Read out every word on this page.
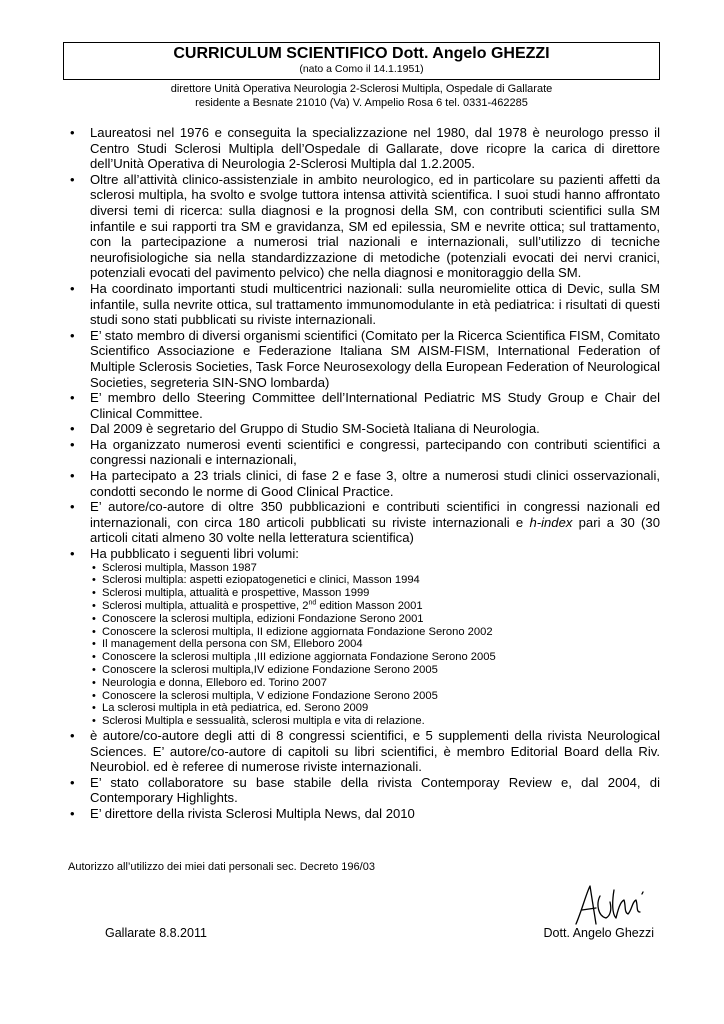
CURRICULUM SCIENTIFICO Dott. Angelo GHEZZI
(nato a Como il 14.1.1951)
direttore Unità Operativa Neurologia 2-Sclerosi Multipla, Ospedale di Gallarate
residente a Besnate 21010 (Va) V. Ampelio Rosa 6 tel. 0331-462285
• Laureatosi nel 1976 e conseguita la specializzazione nel 1980, dal 1978 è neurologo presso il Centro Studi Sclerosi Multipla dell’Ospedale di Gallarate, dove ricopre la carica di direttore dell’Unità Operativa di Neurologia 2-Sclerosi Multipla dal 1.2.2005.
• Oltre all’attività clinico-assistenziale in ambito neurologico, ed in particolare su pazienti affetti da sclerosi multipla, ha svolto e svolge tuttora intensa attività scientifica. I suoi studi hanno affrontato diversi temi di ricerca: sulla diagnosi e la prognosi della SM, con contributi scientifici sulla SM infantile e sui rapporti tra SM e gravidanza, SM ed epilessia, SM e nevrite ottica; sul trattamento, con la partecipazione a numerosi trial nazionali e internazionali, sull’utilizzo di tecniche neurofisiologiche sia nella standardizzazione di metodiche (potenziali evocati dei nervi cranici, potenziali evocati del pavimento pelvico) che nella diagnosi e monitoraggio della SM.
• Ha coordinato importanti studi multicentrici nazionali: sulla neuromielite ottica di Devic, sulla SM infantile, sulla nevrite ottica, sul trattamento immunomodulante in età pediatrica: i risultati di questi studi sono stati pubblicati su riviste internazionali.
• E’ stato membro di diversi organismi scientifici (Comitato per la Ricerca Scientifica FISM, Comitato Scientifico Associazione e Federazione Italiana SM AISM-FISM, International Federation of Multiple Sclerosis Societies, Task Force Neurosexology della European Federation of Neurological Societies, segreteria SIN-SNO lombarda)
• E’ membro dello Steering Committee dell’International Pediatric MS Study Group e Chair del Clinical Committee.
• Dal 2009 è segretario del Gruppo di Studio SM-Società Italiana di Neurologia.
• Ha organizzato numerosi eventi scientifici e congressi, partecipando con contributi scientifici a congressi nazionali e internazionali,
• Ha partecipato a 23 trials clinici, di fase 2 e fase 3, oltre a numerosi studi clinici osservazionali, condotti secondo le norme di Good Clinical Practice.
• E’ autore/co-autore di oltre 350 pubblicazioni e contributi scientifici in congressi nazionali ed internazionali, con circa 180 articoli pubblicati su riviste internazionali e h-index pari a 30 (30 articoli citati almeno 30 volte nella letteratura scientifica)
• Ha pubblicato i seguenti libri volumi:
• Sclerosi multipla, Masson 1987
• Sclerosi multipla: aspetti eziopatogenetici e clinici, Masson 1994
• Sclerosi multipla, attualità e prospettive, Masson 1999
• Sclerosi multipla, attualità e prospettive, 2nd edition Masson 2001
• Conoscere la sclerosi multipla, edizioni Fondazione Serono 2001
• Conoscere la sclerosi multipla, II edizione aggiornata Fondazione Serono 2002
• Il management della persona con SM, Elleboro 2004
• Conoscere la sclerosi multipla ,III edizione aggiornata Fondazione Serono 2005
• Conoscere la sclerosi multipla,IV edizione Fondazione Serono 2005
• Neurologia e donna, Elleboro ed. Torino 2007
• Conoscere la sclerosi multipla, V edizione Fondazione Serono 2005
• La sclerosi multipla in età pediatrica, ed. Serono 2009
• Sclerosi Multipla e sessualità, sclerosi multipla e vita di relazione.
• è autore/co-autore degli atti di 8 congressi scientifici, e 5 supplementi della rivista Neurological Sciences. E’ autore/co-autore di capitoli su libri scientifici, è membro Editorial Board della Riv. Neurobiol. ed è referee di numerose riviste internazionali.
• E’ stato collaboratore su base stabile della rivista Contemporay Review e, dal 2004, di Contemporary Highlights.
• E’ direttore della rivista Sclerosi Multipla News, dal 2010
Autorizzo all’utilizzo dei miei dati personali sec. Decreto 196/03
Gallarate 8.8.2011	Dott. Angelo Ghezzi
